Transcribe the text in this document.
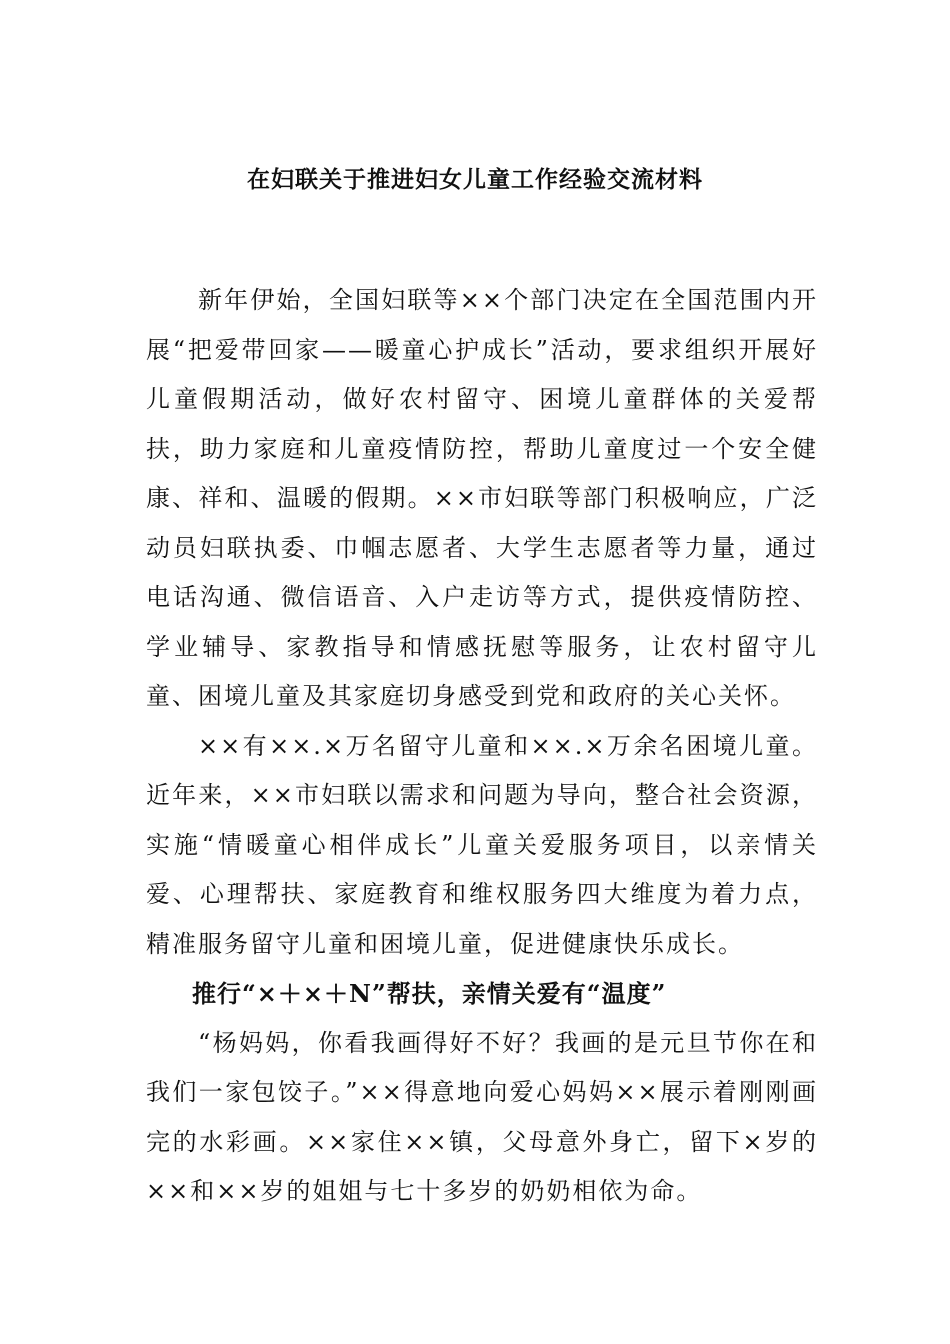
在妇联关于推进妇女儿童工作经验交流材料

新年伊始，全国妇联等××个部门决定在全国范围内开展“把爱带回家——暖童心护成长”活动，要求组织开展好儿童假期活动，做好农村留守、困境儿童群体的关爱帮扶，助力家庭和儿童疫情防控，帮助儿童度过一个安全健康、祥和、温暖的假期。××市妇联等部门积极响应，广泛动员妇联执委、巾帼志愿者、大学生志愿者等力量，通过电话沟通、微信语音、入户走访等方式，提供疫情防控、学业辅导、家教指导和情感抚慰等服务，让农村留守儿童、困境儿童及其家庭切身感受到党和政府的关心关怀。

××有××.×万名留守儿童和××.×万余名困境儿童。近年来，××市妇联以需求和问题为导向，整合社会资源，实施“情暖童心相伴成长”儿童关爱服务项目，以亲情关爱、心理帮扶、家庭教育和维权服务四大维度为着力点，精准服务留守儿童和困境儿童，促进健康快乐成长。

推行“×＋×＋N”帮扶，亲情关爱有“温度”

“杨妈妈，你看我画得好不好？我画的是元旦节你在和我们一家包饺子。”××得意地向爱心妈妈××展示着刚刚画完的水彩画。××家住××镇，父母意外身亡，留下×岁的××和××岁的姐姐与七十多岁的奶奶相依为命。
